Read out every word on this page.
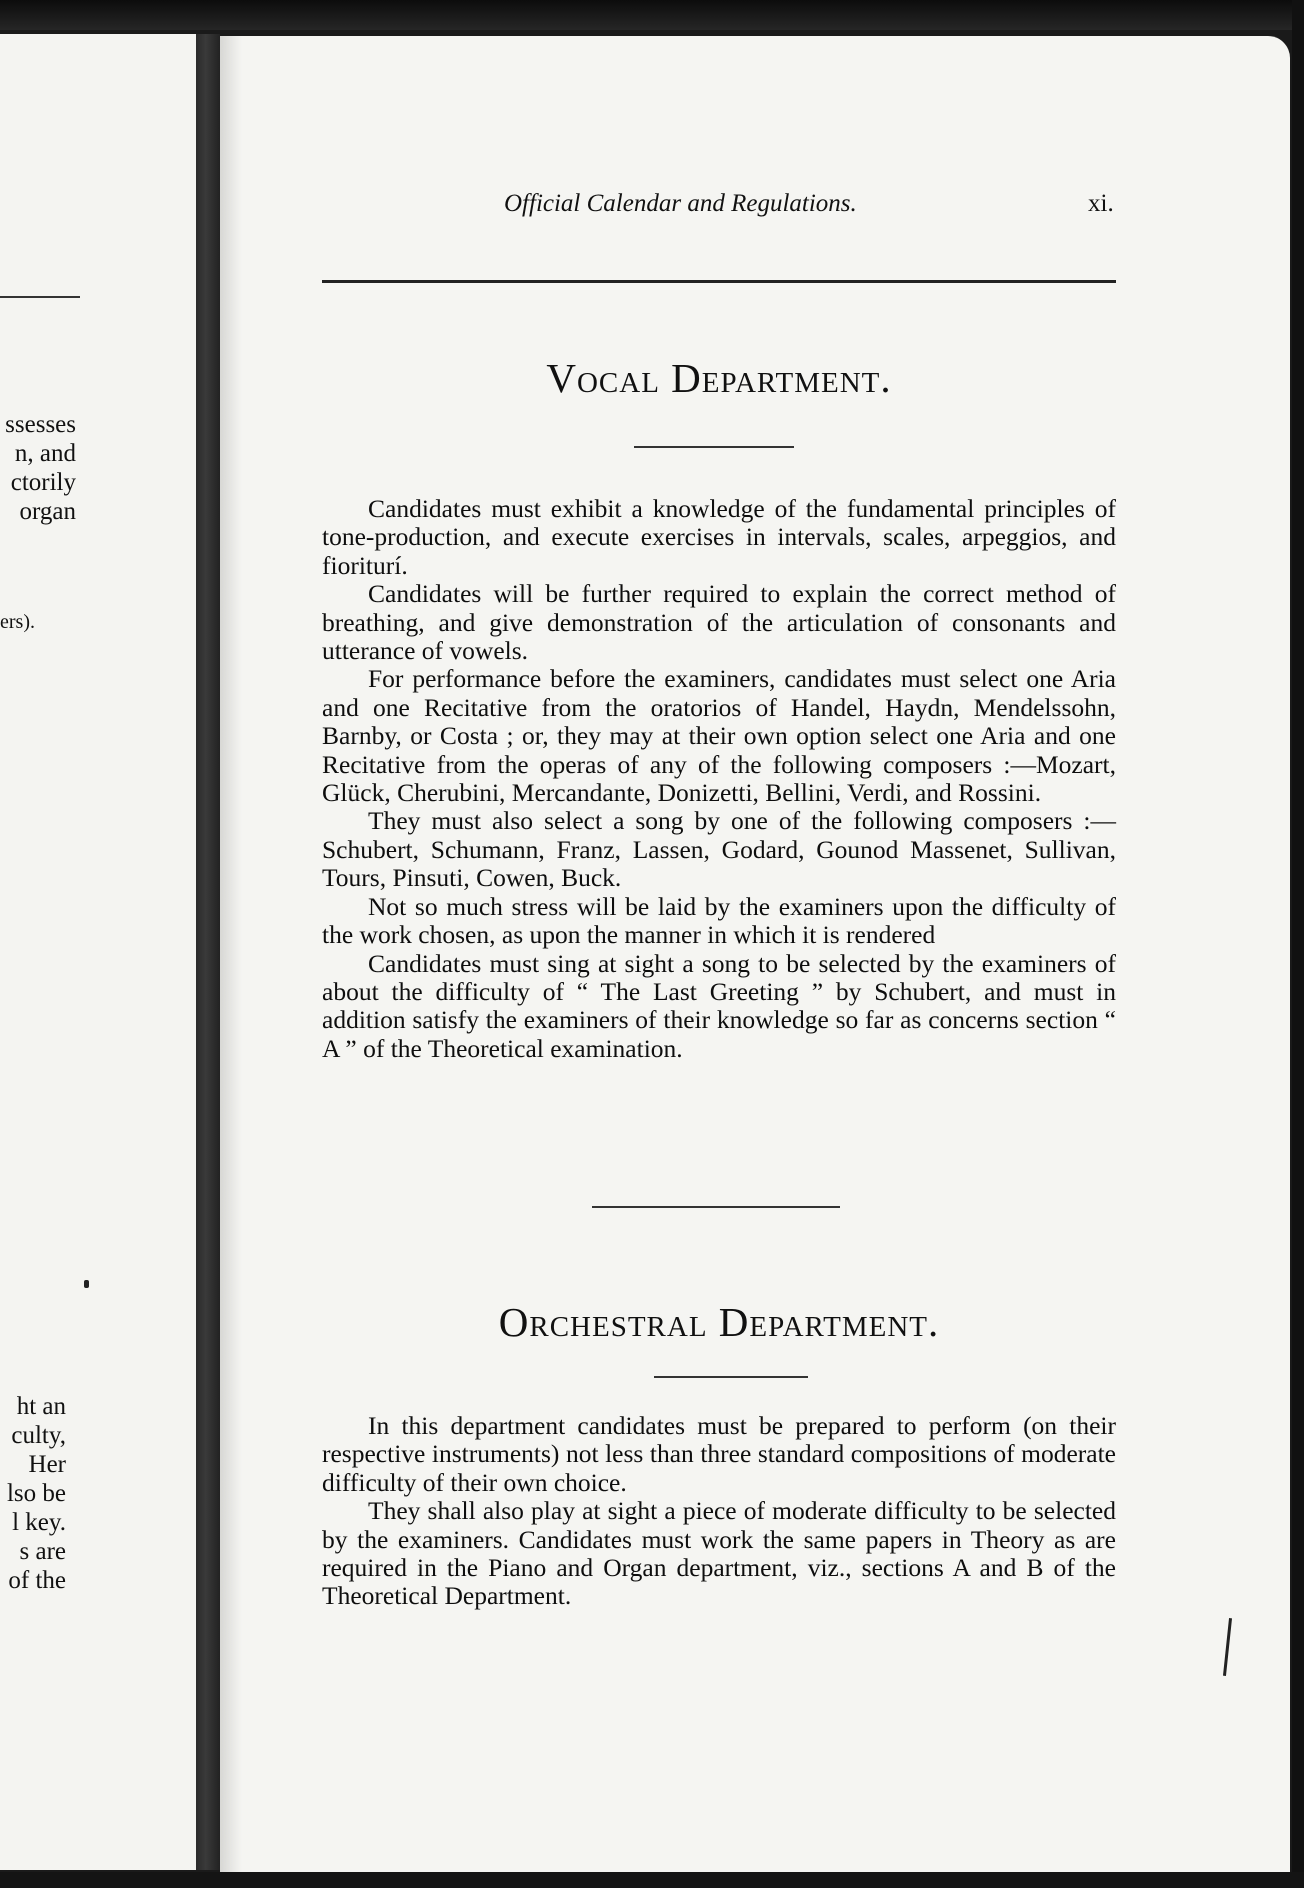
ssesses
n, and
ctorily
organ
ers).
ht an
culty,
Her
lso be
l key.
s are
of the
Official Calendar and Regulations.	xi.
Vocal Department.

Candidates must exhibit a knowledge of the fundamental principles of tone-production, and execute exercises in intervals, scales, arpeggios, and fioriturí.

Candidates will be further required to explain the correct method of breathing, and give demonstration of the articulation of consonants and utterance of vowels.

For performance before the examiners, candidates must select one Aria and one Recitative from the oratorios of Handel, Haydn, Mendelssohn, Barnby, or Costa ; or, they may at their own option select one Aria and one Recitative from the operas of any of the following composers :—Mozart, Glück, Cherubini, Mercandante, Donizetti, Bellini, Verdi, and Rossini.

They must also select a song by one of the following composers :—Schubert, Schumann, Franz, Lassen, Godard, Gounod Massenet, Sullivan, Tours, Pinsuti, Cowen, Buck.

Not so much stress will be laid by the examiners upon the difficulty of the work chosen, as upon the manner in which it is rendered

Candidates must sing at sight a song to be selected by the examiners of about the difficulty of “ The Last Greeting ” by Schubert, and must in addition satisfy the examiners of their knowledge so far as concerns section “ A ” of the Theoretical examination.

Orchestral Department.

In this department candidates must be prepared to perform (on their respective instruments) not less than three standard compositions of moderate difficulty of their own choice.

They shall also play at sight a piece of moderate difficulty to be selected by the examiners. Candidates must work the same papers in Theory as are required in the Piano and Organ department, viz., sections A and B of the Theoretical Department.
